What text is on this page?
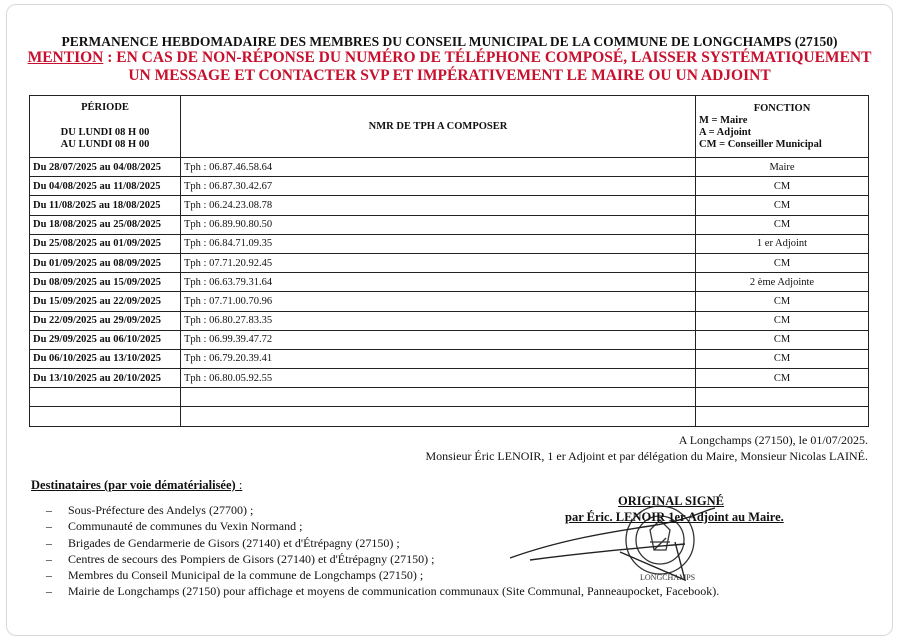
PERMANENCE HEBDOMADAIRE DES MEMBRES DU CONSEIL MUNICIPAL DE LA COMMUNE DE LONGCHAMPS (27150)
MENTION : EN CAS DE NON-RÉPONSE DU NUMÉRO DE TÉLÉPHONE COMPOSÉ, LAISSER SYSTÉMATIQUEMENT
UN MESSAGE ET CONTACTER SVP ET IMPÉRATIVEMENT LE MAIRE OU UN ADJOINT
PÉRIODE
DU LUNDI 08 H 00
AU LUNDI 08 H 00	NMR DE TPH A COMPOSER	FONCTION
M = Maire
A = Adjoint
CM = Conseiller Municipal

Du 28/07/2025 au 04/08/2025	Tph : 06.87.46.58.64	Maire
Du 04/08/2025 au 11/08/2025	Tph : 06.87.30.42.67	CM
Du 11/08/2025 au 18/08/2025	Tph : 06.24.23.08.78	CM
Du 18/08/2025 au 25/08/2025	Tph : 06.89.90.80.50	CM
Du 25/08/2025 au 01/09/2025	Tph : 06.84.71.09.35	1 er Adjoint
Du 01/09/2025 au 08/09/2025	Tph : 07.71.20.92.45	CM
Du 08/09/2025 au 15/09/2025	Tph : 06.63.79.31.64	2 ème Adjointe
Du 15/09/2025 au 22/09/2025	Tph : 07.71.00.70.96	CM
Du 22/09/2025 au 29/09/2025	Tph : 06.80.27.83.35	CM
Du 29/09/2025 au 06/10/2025	Tph : 06.99.39.47.72	CM
Du 06/10/2025 au 13/10/2025	Tph : 06.79.20.39.41	CM
Du 13/10/2025 au 20/10/2025	Tph : 06.80.05.92.55	CM

A Longchamps (27150), le 01/07/2025.
Monsieur Éric LENOIR, 1 er Adjoint et par délégation du Maire, Monsieur Nicolas LAINÉ.
Destinataires (par voie dématérialisée) :
– Sous-Préfecture des Andelys (27700) ;
– Communauté de communes du Vexin Normand ;
– Brigades de Gendarmerie de Gisors (27140) et d'Étrépagny (27150) ;
– Centres de secours des Pompiers de Gisors (27140) et d'Étrépagny (27150) ;
– Membres du Conseil Municipal de la commune de Longchamps (27150) ;
– Mairie de Longchamps (27150) pour affichage et moyens de communication communaux (Site Communal, Panneaupocket, Facebook).
LONGCHAMPS
ORIGINAL SIGNÉ
par Éric. LENOIR 1er Adjoint au Maire.
